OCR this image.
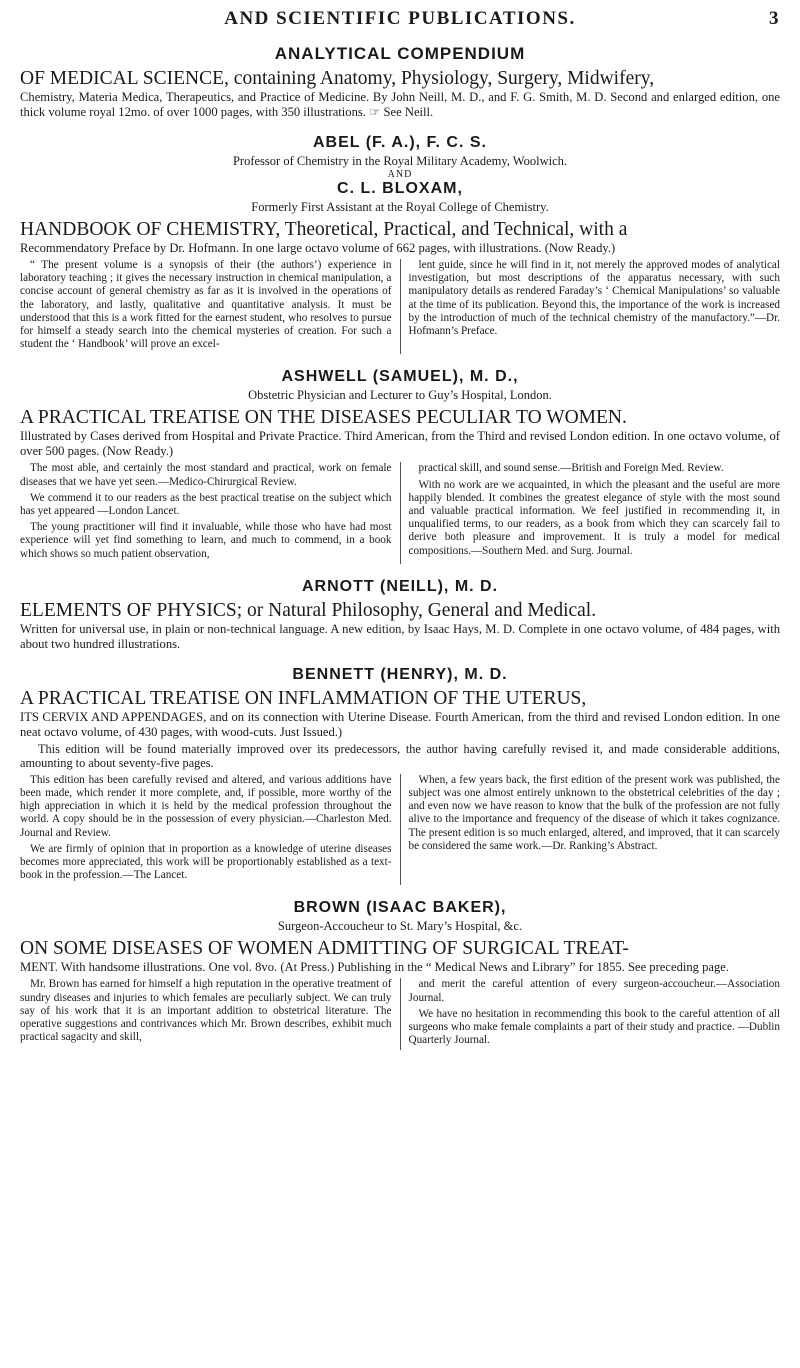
AND SCIENTIFIC PUBLICATIONS.	3
ANALYTICAL COMPENDIUM
OF MEDICAL SCIENCE, containing Anatomy, Physiology, Surgery, Midwifery,
Chemistry, Materia Medica, Therapeutics, and Practice of Medicine. By John Neill, M. D., and F. G. Smith, M. D. Second and enlarged edition, one thick volume royal 12mo. of over 1000 pages, with 350 illustrations. ☞ See Neill.
ABEL (F. A.), F. C. S.
Professor of Chemistry in the Royal Military Academy, Woolwich.
AND
C. L. BLOXAM,
Formerly First Assistant at the Royal College of Chemistry.
HANDBOOK OF CHEMISTRY, Theoretical, Practical, and Technical, with a
Recommendatory Preface by Dr. Hofmann. In one large octavo volume of 662 pages, with illustrations. (Now Ready.)

“ The present volume is a synopsis of their (the authors’) experience in laboratory teaching ; it gives the necessary instruction in chemical manipulation, a concise account of general chemistry as far as it is involved in the operations of the laboratory, and lastly, qualitative and quantitative analysis. It must be understood that this is a work fitted for the earnest student, who resolves to pursue for himself a steady search into the chemical mysteries of creation. For such a student the ‘ Handbook’ will prove an excel-

lent guide, since he will find in it, not merely the approved modes of analytical investigation, but most descriptions of the apparatus necessary, with such manipulatory details as rendered Faraday’s ‘ Chemical Manipulations’ so valuable at the time of its publication. Beyond this, the importance of the work is increased by the introduction of much of the technical chemistry of the manufactory.”—Dr. Hofmann’s Preface.

ASHWELL (SAMUEL), M. D.,
Obstetric Physician and Lecturer to Guy’s Hospital, London.
A PRACTICAL TREATISE ON THE DISEASES PECULIAR TO WOMEN.
Illustrated by Cases derived from Hospital and Private Practice. Third American, from the Third and revised London edition. In one octavo volume, of over 500 pages. (Now Ready.)

The most able, and certainly the most standard and practical, work on female diseases that we have yet seen.—Medico-Chirurgical Review.

We commend it to our readers as the best practical treatise on the subject which has yet appeared —London Lancet.

The young practitioner will find it invaluable, while those who have had most experience will yet find something to learn, and much to commend, in a book which shows so much patient observation,

practical skill, and sound sense.—British and Foreign Med. Review.

With no work are we acquainted, in which the pleasant and the useful are more happily blended. It combines the greatest elegance of style with the most sound and valuable practical information. We feel justified in recommending it, in unqualified terms, to our readers, as a book from which they can scarcely fail to derive both pleasure and improvement. It is truly a model for medical compositions.—Southern Med. and Surg. Journal.

ARNOTT (NEILL), M. D.
ELEMENTS OF PHYSICS; or Natural Philosophy, General and Medical.
Written for universal use, in plain or non-technical language. A new edition, by Isaac Hays, M. D. Complete in one octavo volume, of 484 pages, with about two hundred illustrations.
BENNETT (HENRY), M. D.
A PRACTICAL TREATISE ON INFLAMMATION OF THE UTERUS,
ITS CERVIX AND APPENDAGES, and on its connection with Uterine Disease. Fourth American, from the third and revised London edition. In one neat octavo volume, of 430 pages, with wood-cuts. Just Issued.)
This edition will be found materially improved over its predecessors, the author having carefully revised it, and made considerable additions, amounting to about seventy-five pages.

This edition has been carefully revised and altered, and various additions have been made, which render it more complete, and, if possible, more worthy of the high appreciation in which it is held by the medical profession throughout the world. A copy should be in the possession of every physician.—Charleston Med. Journal and Review.

We are firmly of opinion that in proportion as a knowledge of uterine diseases becomes more appreciated, this work will be proportionably established as a text-book in the profession.—The Lancet.

When, a few years back, the first edition of the present work was published, the subject was one almost entirely unknown to the obstetrical celebrities of the day ; and even now we have reason to know that the bulk of the profession are not fully alive to the importance and frequency of the disease of which it takes cognizance. The present edition is so much enlarged, altered, and improved, that it can scarcely be considered the same work.—Dr. Ranking’s Abstract.

BROWN (ISAAC BAKER),
Surgeon-Accoucheur to St. Mary’s Hospital, &c.
ON SOME DISEASES OF WOMEN ADMITTING OF SURGICAL TREAT-
MENT. With handsome illustrations. One vol. 8vo. (At Press.) Publishing in the “ Medical News and Library” for 1855. See preceding page.

Mr. Brown has earned for himself a high reputation in the operative treatment of sundry diseases and injuries to which females are peculiarly subject. We can truly say of his work that it is an important addition to obstetrical literature. The operative suggestions and contrivances which Mr. Brown describes, exhibit much practical sagacity and skill,

and merit the careful attention of every surgeon-accoucheur.—Association Journal.

We have no hesitation in recommending this book to the careful attention of all surgeons who make female complaints a part of their study and practice. —Dublin Quarterly Journal.
